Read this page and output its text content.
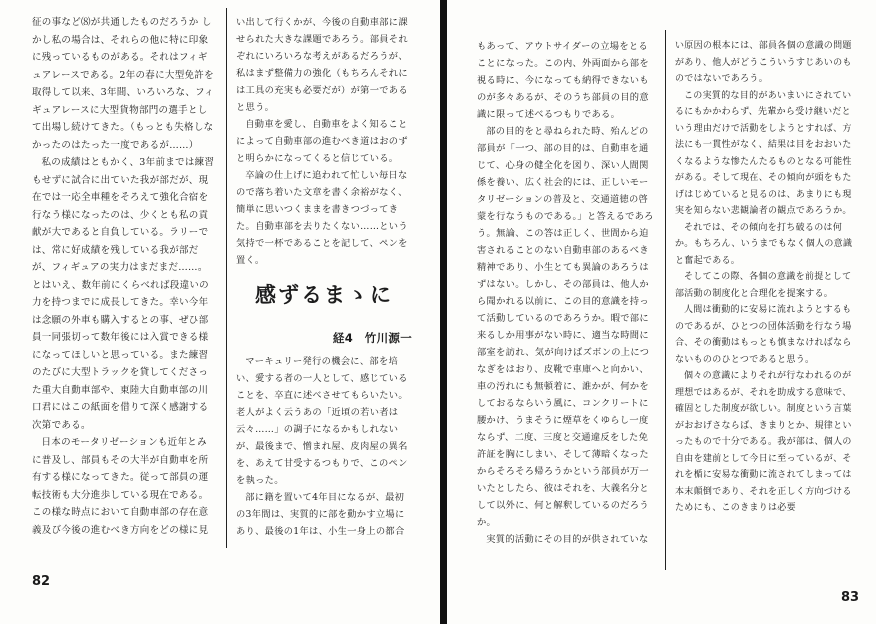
征の事など⑻が共通したものだろうか しかし私の場合は、それらの他に特に印象に残っているものがある。それはフィギュアレースである。2年の春に大型免許を取得して以来、3年間、いろいろな、フィギュアレースに大型貨物部門の選手として出場し続けてきた。（もっとも失格しなかったのはたった一度であるが……）

私の成績はともかく、3年前までは練習もせずに試合に出ていた我が部だが、現在では一応全車種をそろえて強化合宿を行なう様になったのは、少くとも私の貢献が大であると自負している。ラリーでは、常に好成績を残している我が部だが、フィギュアの実力はまだまだ……。とはいえ、数年前にくらべれば段違いの力を持つまでに成長してきた。幸い今年は念願の外車も購入するとの事、ぜひ部員一同張切って数年後には入賞できる様になってほしいと思っている。また練習のたびに大型トラックを貸してくださった重大自動車部や、東陸大自動車部の川口君にはこの紙面を借りて深く感謝する次第である。

日本のモータリゼーションも近年とみに普及し、部員もその大半が自動車を所有する様になってきた。従って部員の運転技術も大分進歩している現在である。この様な時点において自動車部の存在意義及び今後の進むべき方向をどの様に見

い出して行くかが、今後の自動車部に課せられた大きな課題であろう。部員それぞれにいろいろな考えがあるだろうが、私はまず整備力の強化（もちろんそれには工具の充実も必要だが）が第一であると思う。

自動車を愛し、自動車をよく知ることによって自動車部の進むべき道はおのずと明らかになってくると信じている。

卒論の仕上げに追われて忙しい毎日なので落ち着いた文章を書く余裕がなく、簡単に思いつくままを書きつづってきた。自動車部を去りたくない……という気持で一杯であることを記して、ペンを置く。

感ずるまゝに
経4　竹川源一

マーキュリー発行の機会に、部を培い、愛する者の一人として、感じていることを、卒直に述べさせてもらいたい。老人がよく云うあの「近頃の若い者は云々……」の調子になるかもしれないが、最後まで、憎まれ屋、皮肉屋の異名を、あえて甘受するつもりで、このペンを執った。

部に籍を置いて4年目になるが、最初の3年間は、実質的に部を動かす立場にあり、最後の1年は、小生一身上の都合

82

もあって、アウトサイダーの立場をとることになった。この内、外両面から部を視る時に、今になっても納得できないものが多々あるが、そのうち部員の目的意識に限って述べるつもりである。

部の目的をと尋ねられた時、殆んどの部員が「一つ、部の目的は、自動車を通じて、心身の健全化を図り、深い人間関係を養い、広く社会的には、正しいモータリゼーションの普及と、交通道徳の啓蒙を行なうものである。」と答えるであろう。無論、この答は正しく、世間から迫害されることのない自動車部のあるべき精神であり、小生とても異論のあろうはずはない。しかし、その部員は、他人から聞かれる以前に、この目的意識を持って活動しているのであろうか。暇で部に来るしか用事がない時に、適当な時間に部室を訪れ、気が向けばズボンの上につなぎをはおり、皮靴で車庫へと向かい、車の汚れにも無頓着に、誰かが、何かをしておるならいう風に、コンクリートに腰かけ、うまそうに煙草をくゆらし一度ならず、二度、三度と交通違反をした免許証を胸にしまい、そして薄暗くなったからそろそろ帰ろうかという部員が万一いたとしたら、彼はそれを、大義名分として以外に、何と解釈しているのだろうか。

実質的活動にその目的が供されていな

い原因の根本には、部員各個の意識の問題があり、他人がどうこういうすじあいのものではないであろう。

この実質的な目的があいまいにされているにもかかわらず、先輩から受け継いだという理由だけで活動をしようとすれば、方法にも一貫性がなく、結果は目をおおいたくなるような惨たんたるものとなる可能性がある。そして現在、その傾向が頭をもたげはじめていると見るのは、あまりにも現実を知らない悲観論者の観点であろうか。

それでは、その傾向を打ち破るのは何か。もちろん、いうまでもなく個人の意識と奮起である。

そしてこの際、各個の意識を前提として部活動の制度化と合理化を提案する。

人間は衝動的に安易に流れようとするものであるが、ひとつの団体活動を行なう場合、その衝動はもっとも慎まなければならないもののひとつであると思う。

個々の意識によりそれが行なわれるのが理想ではあるが、それを助成する意味で、確固とした制度が欲しい。制度という言葉がおおげさならば、きまりとか、規律といったもので十分である。我が部は、個人の自由を建前として今日に至っているが、それを楯に安易な衝動に流されてしまっては本末顛倒であり、それを正しく方向づけるためにも、このきまりは必要

83
